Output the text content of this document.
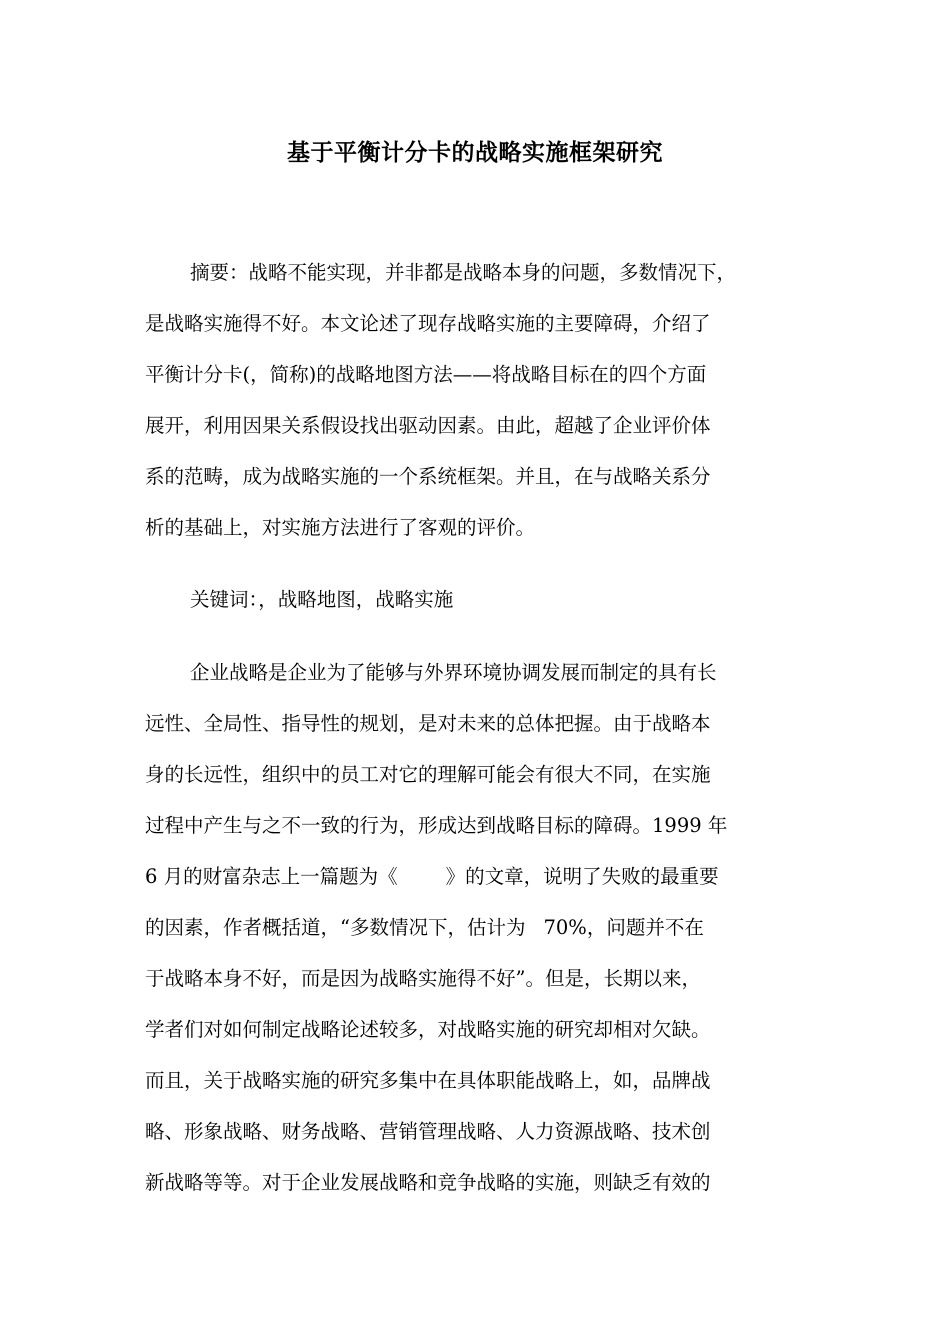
基于平衡计分卡的战略实施框架研究
摘要：战略不能实现，并非都是战略本身的问题，多数情况下，
是战略实施得不好。本文论述了现存战略实施的主要障碍，介绍了
平衡计分卡(，简称)的战略地图方法——将战略目标在的四个方面
展开，利用因果关系假设找出驱动因素。由此，超越了企业评价体
系的范畴，成为战略实施的一个系统框架。并且，在与战略关系分
析的基础上，对实施方法进行了客观的评价。
关键词：，战略地图，战略实施
企业战略是企业为了能够与外界环境协调发展而制定的具有长
远性、全局性、指导性的规划，是对未来的总体把握。由于战略本
身的长远性，组织中的员工对它的理解可能会有很大不同，在实施
过程中产生与之不一致的行为，形成达到战略目标的障碍。1999 年
6 月的财富杂志上一篇题为《 》的文章，说明了失败的最重要
的因素，作者概括道，“多数情况下，估计为 70%，问题并不在
于战略本身不好，而是因为战略实施得不好”。但是，长期以来，
学者们对如何制定战略论述较多，对战略实施的研究却相对欠缺。
而且，关于战略实施的研究多集中在具体职能战略上，如，品牌战
略、形象战略、财务战略、营销管理战略、人力资源战略、技术创
新战略等等。对于企业发展战略和竞争战略的实施，则缺乏有效的
